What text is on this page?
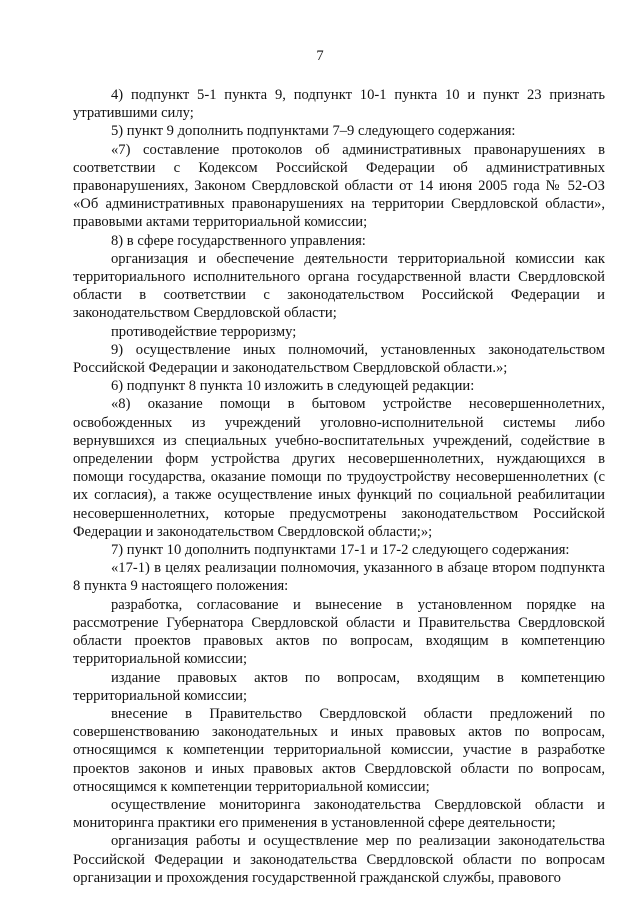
7

4) подпункт 5-1 пункта 9, подпункт 10-1 пункта 10 и пункт 23 признать утратившими силу;

5) пункт 9 дополнить подпунктами 7–9 следующего содержания:

«7) составление протоколов об административных правонарушениях в соответствии с Кодексом Российской Федерации об административных правонарушениях, Законом Свердловской области от 14 июня 2005 года № 52-ОЗ «Об административных правонарушениях на территории Свердловской области», правовыми актами территориальной комиссии;

8) в сфере государственного управления:

организация и обеспечение деятельности территориальной комиссии как территориального исполнительного органа государственной власти Свердловской области в соответствии с законодательством Российской Федерации и законодательством Свердловской области;

противодействие терроризму;

9) осуществление иных полномочий, установленных законодательством Российской Федерации и законодательством Свердловской области.»;

6) подпункт 8 пункта 10 изложить в следующей редакции:

«8) оказание помощи в бытовом устройстве несовершеннолетних, освобожденных из учреждений уголовно-исполнительной системы либо вернувшихся из специальных учебно-воспитательных учреждений, содействие в определении форм устройства других несовершеннолетних, нуждающихся в помощи государства, оказание помощи по трудоустройству несовершеннолетних (с их согласия), а также осуществление иных функций по социальной реабилитации несовершеннолетних, которые предусмотрены законодательством Российской Федерации и законодательством Свердловской области;»;

7) пункт 10 дополнить подпунктами 17-1 и 17-2 следующего содержания:

«17-1) в целях реализации полномочия, указанного в абзаце втором подпункта 8 пункта 9 настоящего положения:

разработка, согласование и вынесение в установленном порядке на рассмотрение Губернатора Свердловской области и Правительства Свердловской области проектов правовых актов по вопросам, входящим в компетенцию территориальной комиссии;

издание правовых актов по вопросам, входящим в компетенцию территориальной комиссии;

внесение в Правительство Свердловской области предложений по совершенствованию законодательных и иных правовых актов по вопросам, относящимся к компетенции территориальной комиссии, участие в разработке проектов законов и иных правовых актов Свердловской области по вопросам, относящимся к компетенции территориальной комиссии;

осуществление мониторинга законодательства Свердловской области и мониторинга практики его применения в установленной сфере деятельности;

организация работы и осуществление мер по реализации законодательства Российской Федерации и законодательства Свердловской области по вопросам организации и прохождения государственной гражданской службы, правового
